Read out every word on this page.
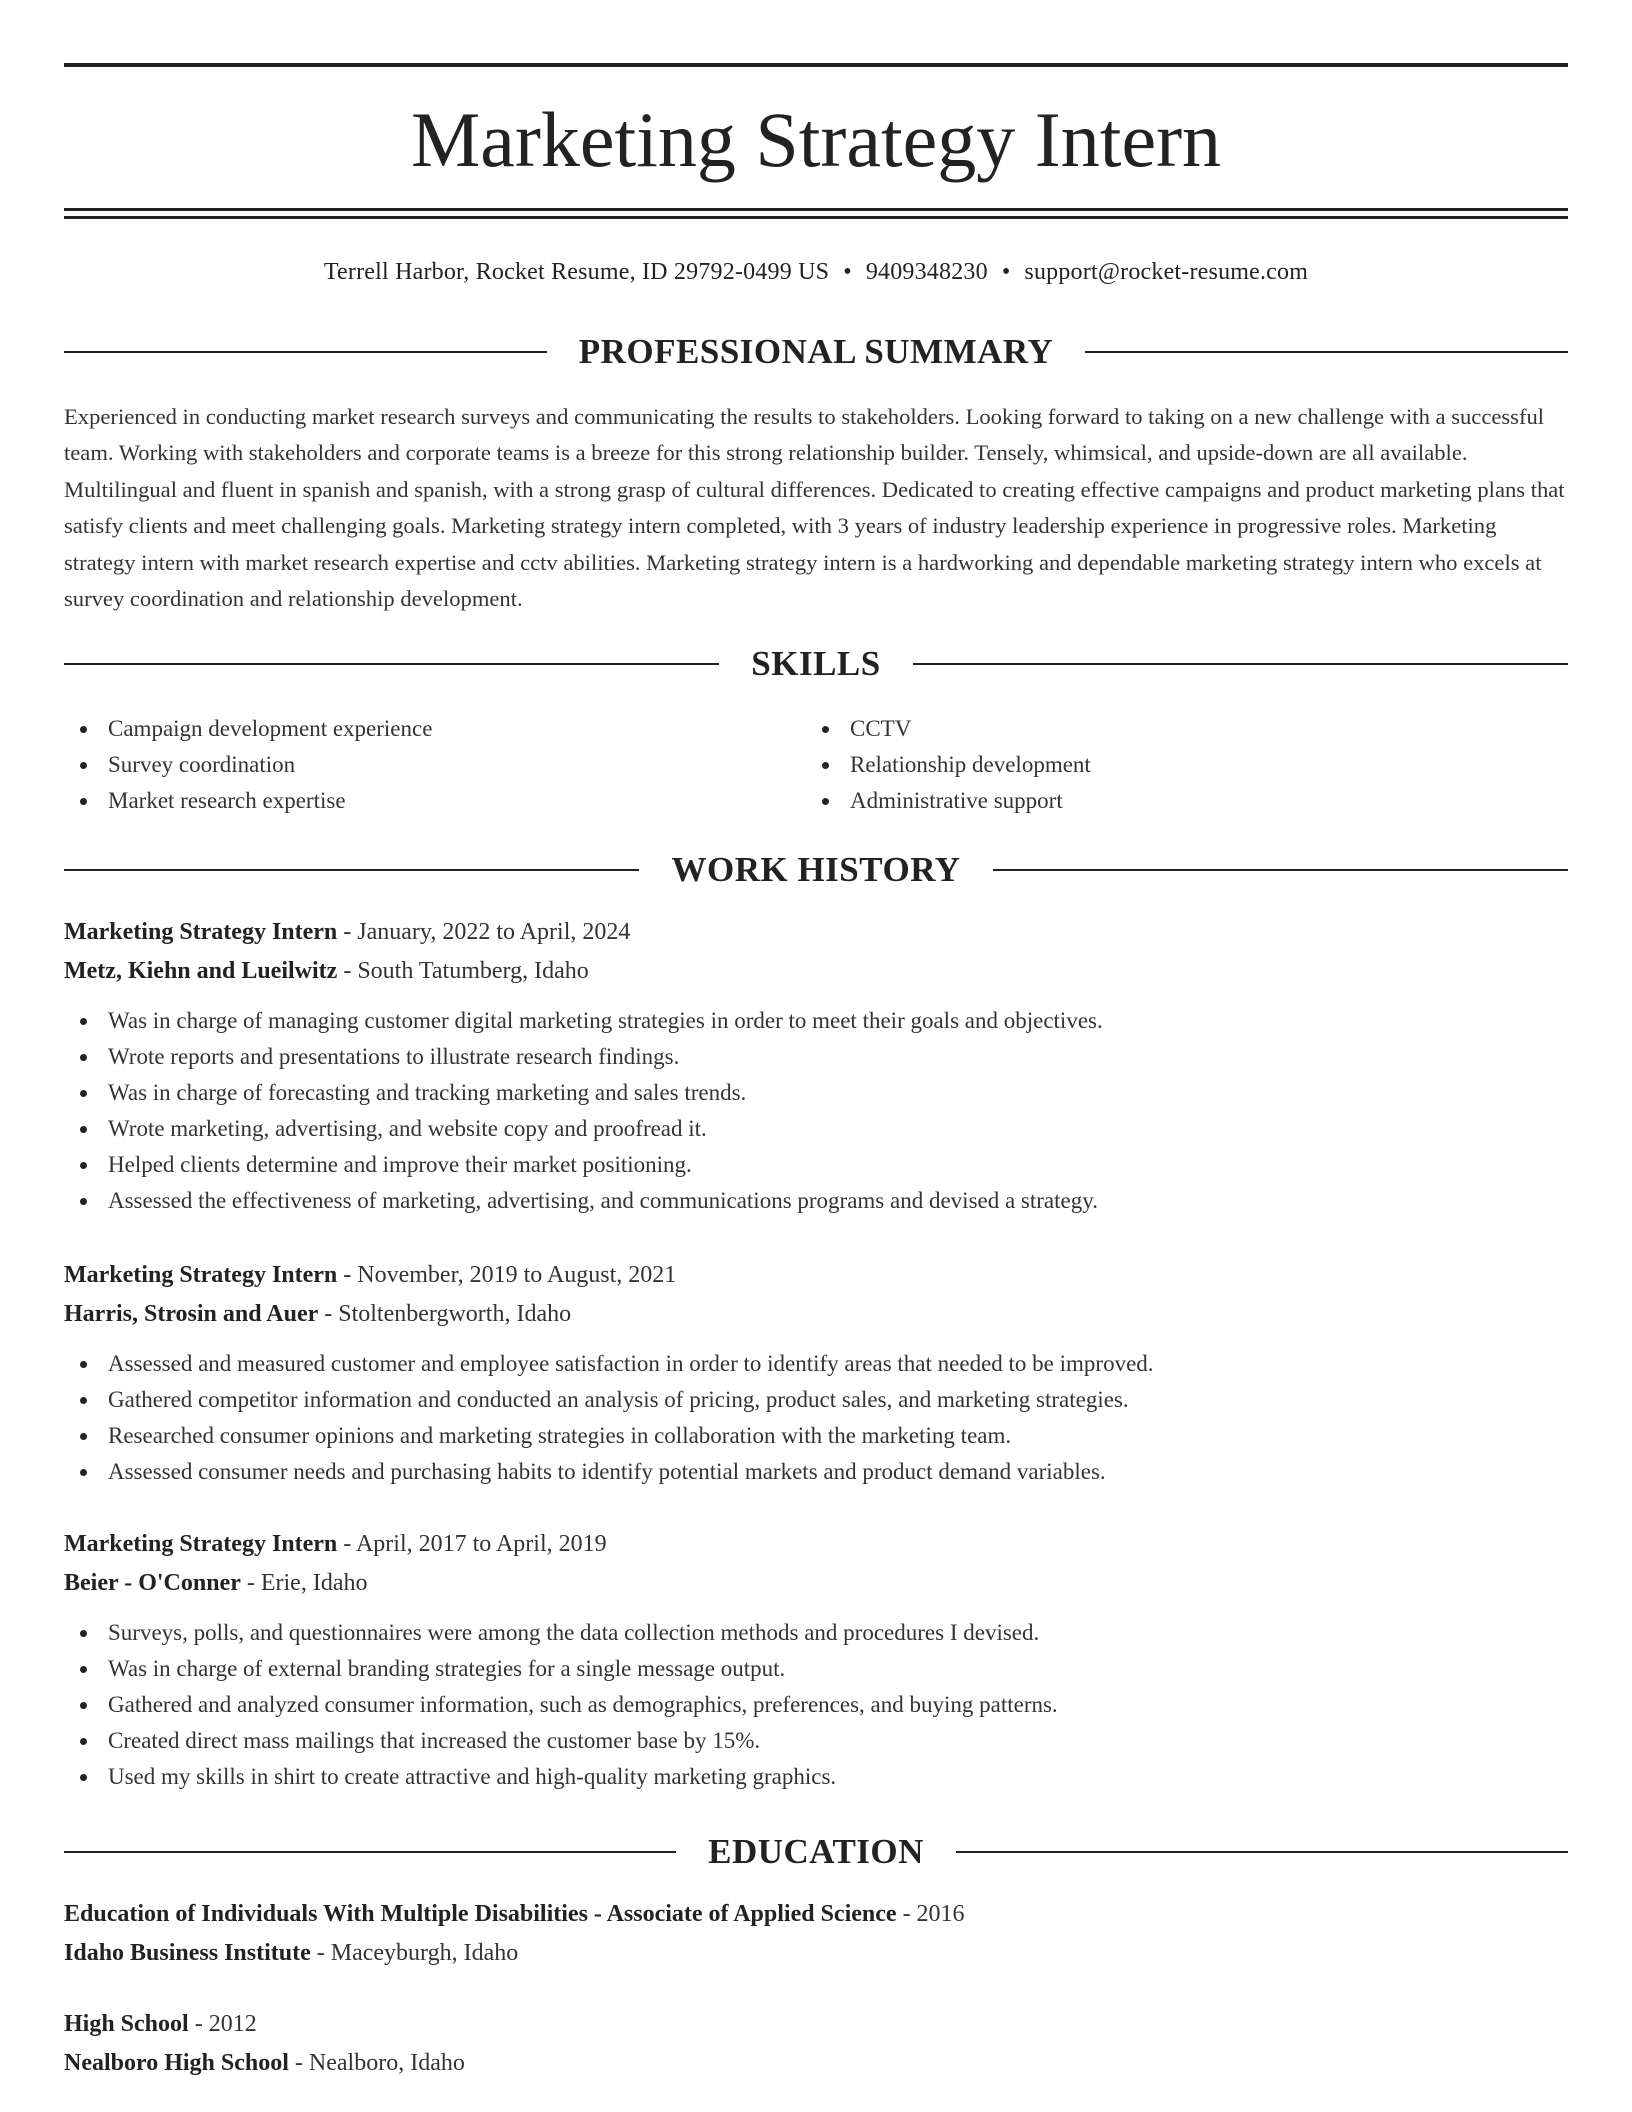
Marketing Strategy Intern
Terrell Harbor, Rocket Resume, ID 29792-0499 US • 9409348230 • support@rocket-resume.com
PROFESSIONAL SUMMARY

Experienced in conducting market research surveys and communicating the results to stakeholders. Looking forward to taking on a new challenge with a successful team. Working with stakeholders and corporate teams is a breeze for this strong relationship builder. Tensely, whimsical, and upside-down are all available. Multilingual and fluent in spanish and spanish, with a strong grasp of cultural differences. Dedicated to creating effective campaigns and product marketing plans that satisfy clients and meet challenging goals. Marketing strategy intern completed, with 3 years of industry leadership experience in progressive roles. Marketing strategy intern with market research expertise and cctv abilities. Marketing strategy intern is a hardworking and dependable marketing strategy intern who excels at survey coordination and relationship development.

SKILLS
Campaign development experience
Survey coordination
Market research expertise
CCTV
Relationship development
Administrative support
WORK HISTORY
Marketing Strategy Intern - January, 2022 to April, 2024
Metz, Kiehn and Lueilwitz - South Tatumberg, Idaho
Was in charge of managing customer digital marketing strategies in order to meet their goals and objectives.
Wrote reports and presentations to illustrate research findings.
Was in charge of forecasting and tracking marketing and sales trends.
Wrote marketing, advertising, and website copy and proofread it.
Helped clients determine and improve their market positioning.
Assessed the effectiveness of marketing, advertising, and communications programs and devised a strategy.
Marketing Strategy Intern - November, 2019 to August, 2021
Harris, Strosin and Auer - Stoltenbergworth, Idaho
Assessed and measured customer and employee satisfaction in order to identify areas that needed to be improved.
Gathered competitor information and conducted an analysis of pricing, product sales, and marketing strategies.
Researched consumer opinions and marketing strategies in collaboration with the marketing team.
Assessed consumer needs and purchasing habits to identify potential markets and product demand variables.
Marketing Strategy Intern - April, 2017 to April, 2019
Beier - O'Conner - Erie, Idaho
Surveys, polls, and questionnaires were among the data collection methods and procedures I devised.
Was in charge of external branding strategies for a single message output.
Gathered and analyzed consumer information, such as demographics, preferences, and buying patterns.
Created direct mass mailings that increased the customer base by 15%.
Used my skills in shirt to create attractive and high-quality marketing graphics.
EDUCATION
Education of Individuals With Multiple Disabilities - Associate of Applied Science - 2016
Idaho Business Institute - Maceyburgh, Idaho
High School - 2012
Nealboro High School - Nealboro, Idaho
